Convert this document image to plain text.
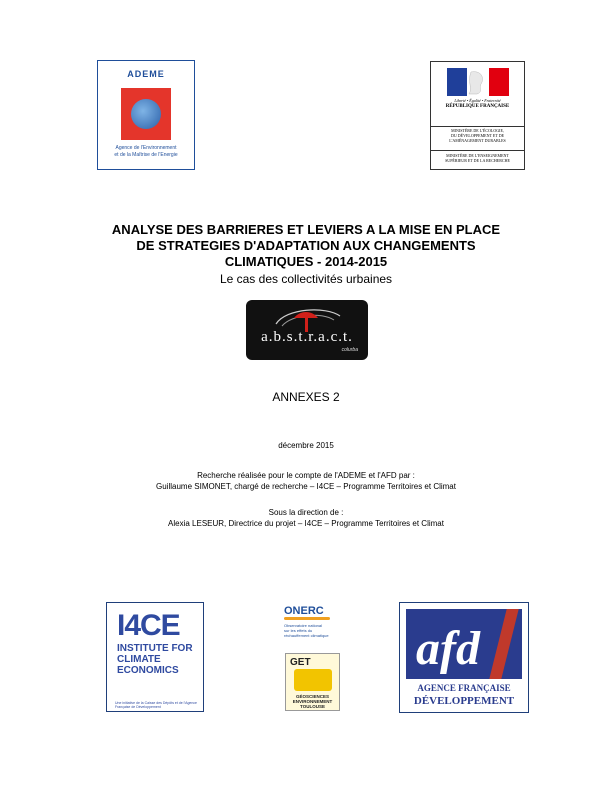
ADEME
Agence de l'Environnement
et de la Maîtrise de l'Energie
Liberté • Égalité • Fraternité
RÉPUBLIQUE FRANÇAISE
MINISTÈRE DE L'ÉCOLOGIE,
DU DÉVELOPPEMENT ET DE
L'AMÉNAGEMENT DURABLES
MINISTÈRE DE L'ENSEIGNEMENT
SUPÉRIEUR ET DE LA RECHERCHE
ANALYSE DES BARRIERES ET LEVIERS A LA MISE EN PLACE
DE STRATEGIES D'ADAPTATION AUX CHANGEMENTS
CLIMATIQUES - 2014-2015
Le cas des collectivités urbaines
a.b.s.t.r.a.c.t.
colurba
ANNEXES 2
décembre 2015
Recherche réalisée pour le compte de l'ADEME et l'AFD par :
Guillaume SIMONET, chargé de recherche – I4CE – Programme Territoires et Climat
Sous la direction de :
Alexia LESEUR, Directrice du projet – I4CE – Programme Territoires et Climat
I4CE
INSTITUTE FOR
CLIMATE
ECONOMICS
Une initiative de la Caisse des Dépôts et de l'Agence Française de Développement
ONERC
Observatoire national
sur les effets du
réchauffement climatique
GET
GÉOSCIENCES
ENVIRONNEMENT
TOULOUSE
afd
AGENCE FRANÇAISE
DÉVELOPPEMENT
